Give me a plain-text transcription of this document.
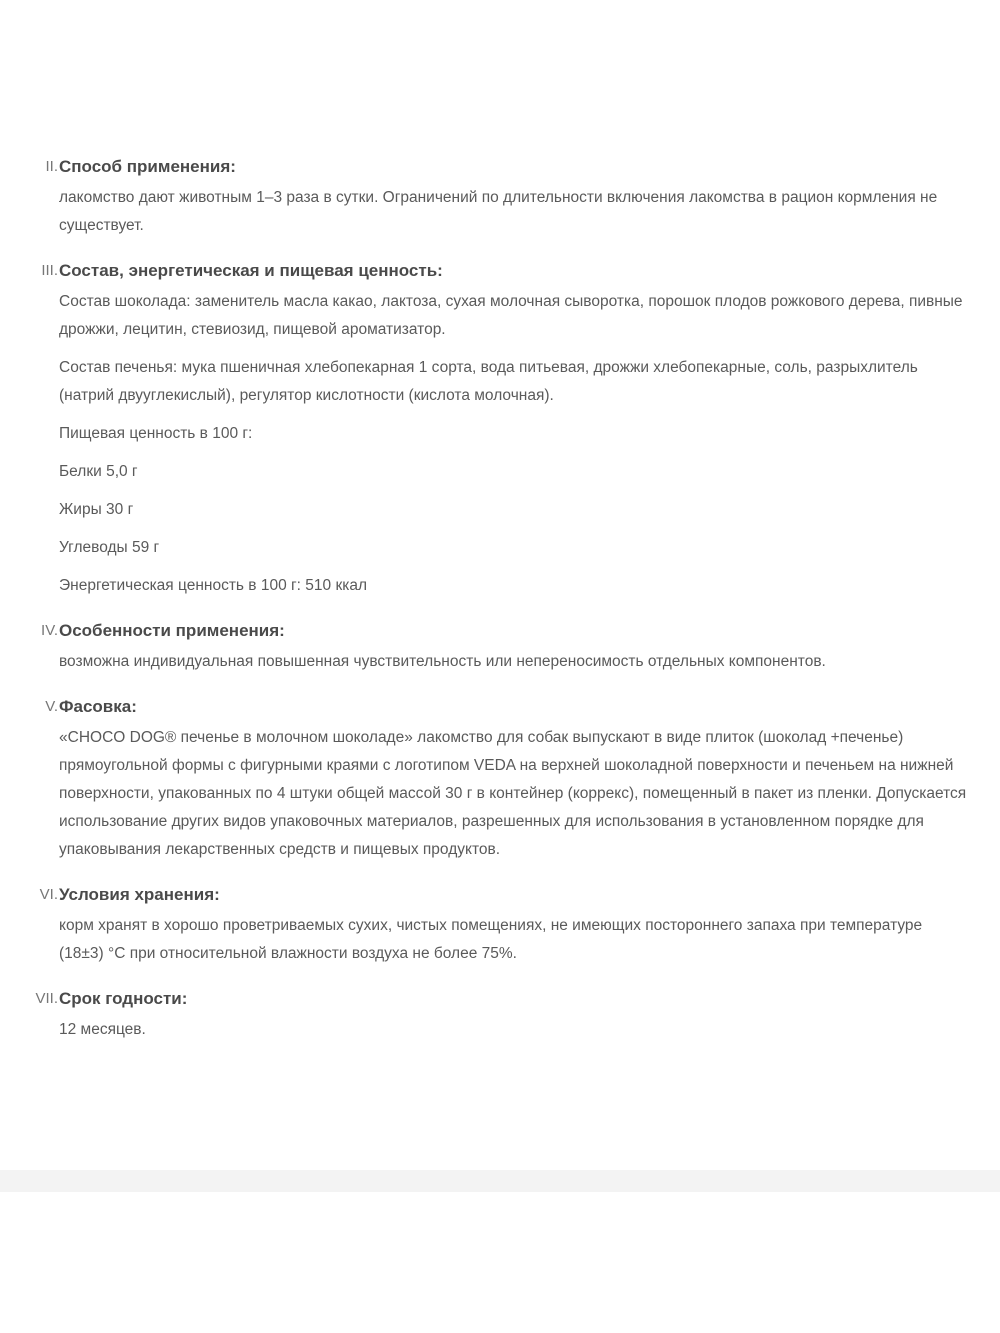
II. Способ применения:

лакомство дают животным 1–3 раза в сутки. Ограничений по длительности включения лакомства в рацион кормления не существует.

III. Состав, энергетическая и пищевая ценность:

Состав шоколада: заменитель масла какао, лактоза, сухая молочная сыворотка, порошок плодов рожкового дерева, пивные дрожжи, лецитин, стевиозид, пищевой ароматизатор.

Состав печенья: мука пшеничная хлебопекарная 1 сорта, вода питьевая, дрожжи хлебопекарные, соль, разрыхлитель (натрий двууглекислый), регулятор кислотности (кислота молочная).

Пищевая ценность в 100 г:

Белки 5,0 г

Жиры 30 г

Углеводы 59 г

Энергетическая ценность в 100 г: 510 ккал

IV. Особенности применения:

возможна индивидуальная повышенная чувствительность или непереносимость отдельных компонентов.

V. Фасовка:

«CHOCO DOG® печенье в молочном шоколаде» лакомство для собак выпускают в виде плиток (шоколад +печенье) прямоугольной формы с фигурными краями с логотипом VEDA на верхней шоколадной поверхности и печеньем на нижней поверхности, упакованных по 4 штуки общей массой 30 г в контейнер (коррекс), помещенный в пакет из пленки. Допускается использование других видов упаковочных материалов, разрешенных для использования в установленном порядке для упаковывания лекарственных средств и пищевых продуктов.

VI. Условия хранения:

корм хранят в хорошо проветриваемых сухих, чистых помещениях, не имеющих постороннего запаха при температуре (18±3) °С при относительной влажности воздуха не более 75%.

VII. Срок годности:

12 месяцев.
